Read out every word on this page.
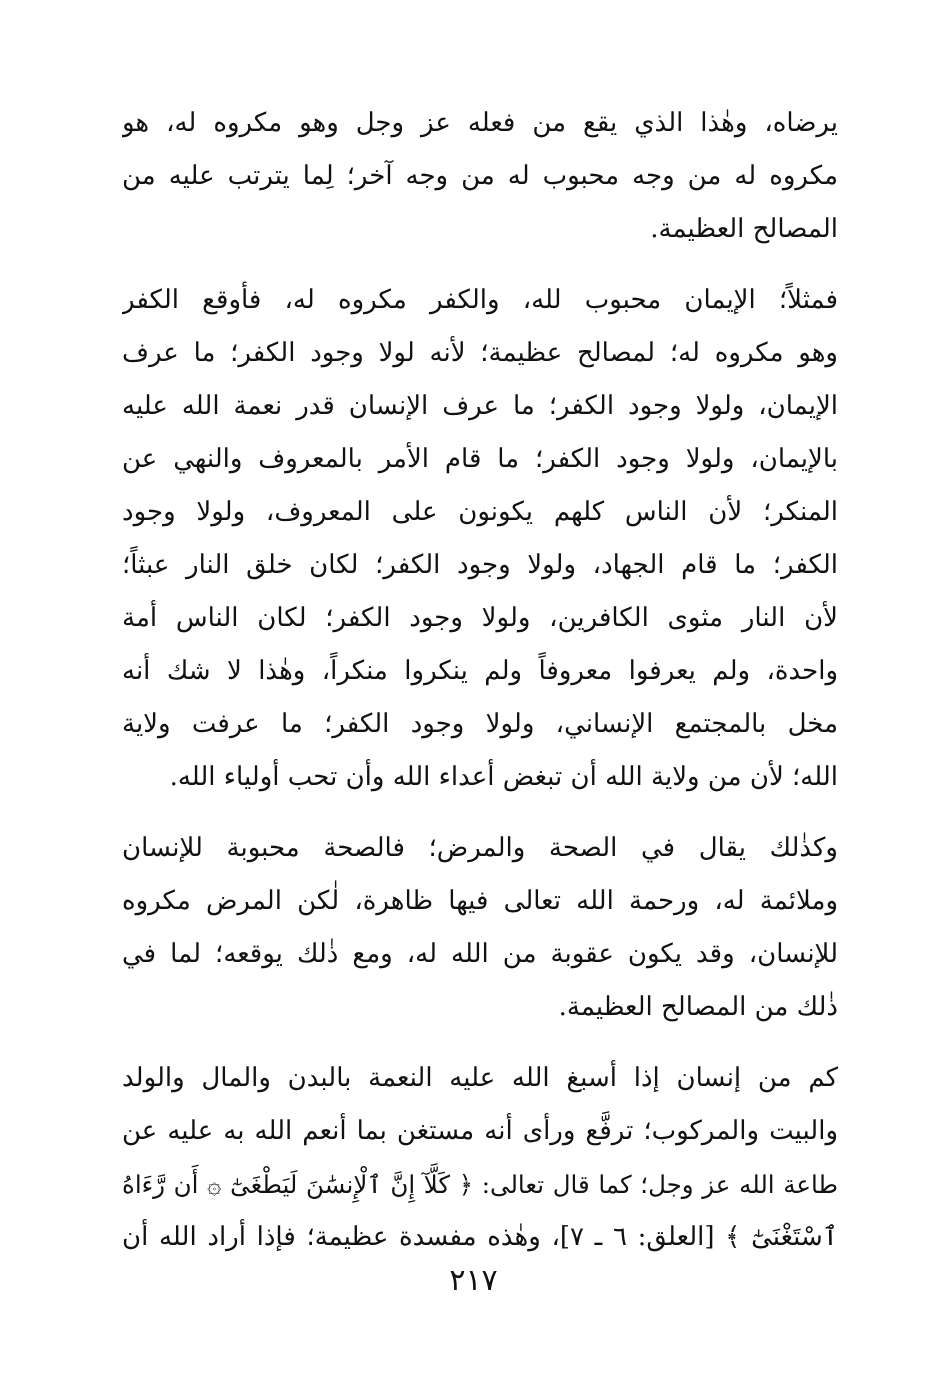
يرضاه، وهٰذا الذي يقع من فعله عز وجل وهو مكروه له، هو
مكروه له من وجه محبوب له من وجه آخر؛ لِما يترتب عليه من
المصالح العظيمة.
فمثلاً؛ الإيمان محبوب لله، والكفر مكروه له، فأوقع الكفر
وهو مكروه له؛ لمصالح عظيمة؛ لأنه لولا وجود الكفر؛ ما عرف
الإيمان، ولولا وجود الكفر؛ ما عرف الإنسان قدر نعمة الله عليه
بالإيمان، ولولا وجود الكفر؛ ما قام الأمر بالمعروف والنهي عن
المنكر؛ لأن الناس كلهم يكونون على المعروف، ولولا وجود
الكفر؛ ما قام الجهاد، ولولا وجود الكفر؛ لكان خلق النار عبثاً؛
لأن النار مثوى الكافرين، ولولا وجود الكفر؛ لكان الناس أمة
واحدة، ولم يعرفوا معروفاً ولم ينكروا منكراً، وهٰذا لا شك أنه
مخل بالمجتمع الإنساني، ولولا وجود الكفر؛ ما عرفت ولاية
الله؛ لأن من ولاية الله أن تبغض أعداء الله وأن تحب أولياء الله.
وكذٰلك يقال في الصحة والمرض؛ فالصحة محبوبة للإنسان
وملائمة له، ورحمة الله تعالى فيها ظاهرة، لٰكن المرض مكروه
للإنسان، وقد يكون عقوبة من الله له، ومع ذٰلك يوقعه؛ لما في
ذٰلك من المصالح العظيمة.
كم من إنسان إذا أسبغ الله عليه النعمة بالبدن والمال والولد
والبيت والمركوب؛ ترفَّع ورأى أنه مستغن بما أنعم الله به عليه عن
طاعة الله عز وجل؛ كما قال تعالى: ﴿ كَلَّآ إِنَّ ٱلْإِنسَٰنَ لَيَطْغَىٰٓ ۞ أَن رَّءَاهُ
ٱسْتَغْنَىٰٓ ﴾ [العلق: ٦ ـ ٧]، وهٰذه مفسدة عظيمة؛ فإذا أراد الله أن
٢١٧
